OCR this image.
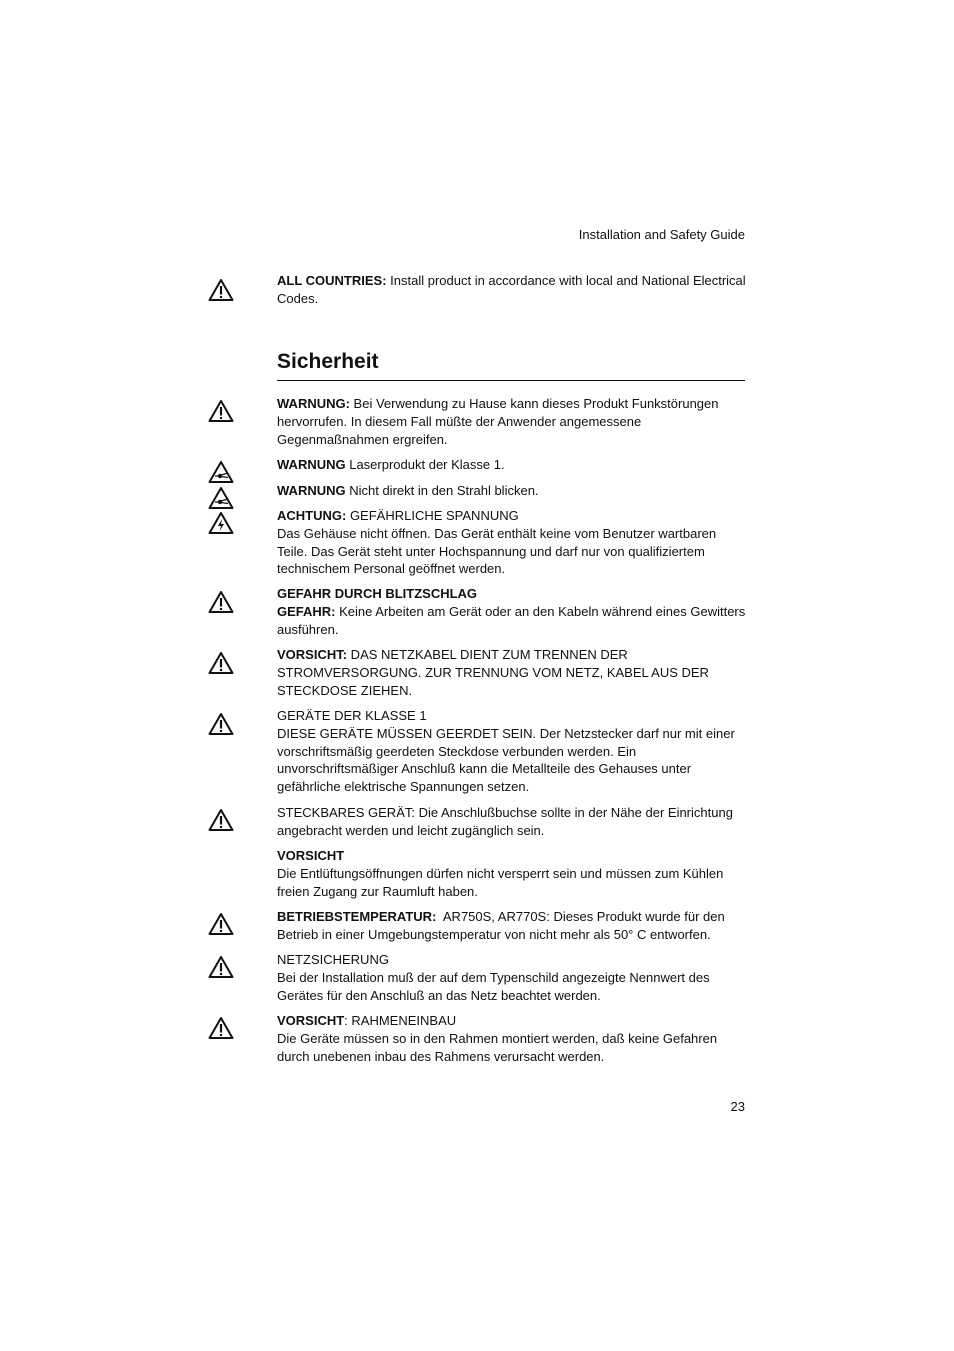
Installation and Safety Guide
ALL COUNTRIES: Install product in accordance with local and National Electrical Codes.
Sicherheit
WARNUNG: Bei Verwendung zu Hause kann dieses Produkt Funkstörungen hervorrufen. In diesem Fall müßte der Anwender angemessene Gegenmaßnahmen ergreifen.
WARNUNG Laserprodukt der Klasse 1.
WARNUNG Nicht direkt in den Strahl blicken.
ACHTUNG: GEFÄHRLICHE SPANNUNG
Das Gehäuse nicht öffnen. Das Gerät enthält keine vom Benutzer wartbaren Teile. Das Gerät steht unter Hochspannung und darf nur von qualifiziertem technischem Personal geöffnet werden.
GEFAHR DURCH BLITZSCHLAG
GEFAHR: Keine Arbeiten am Gerät oder an den Kabeln während eines Gewitters ausführen.
VORSICHT: DAS NETZKABEL DIENT ZUM TRENNEN DER STROMVERSORGUNG. ZUR TRENNUNG VOM NETZ, KABEL AUS DER STECKDOSE ZIEHEN.
GERÄTE DER KLASSE 1
DIESE GERÄTE MÜSSEN GEERDET SEIN. Der Netzstecker darf nur mit einer vorschriftsmäßig geerdeten Steckdose verbunden werden. Ein unvorschriftsmäßiger Anschluß kann die Metallteile des Gehauses unter gefährliche elektrische Spannungen setzen.
STECKBARES GERÄT: Die Anschlußbuchse sollte in der Nähe der Einrichtung angebracht werden und leicht zugänglich sein.
VORSICHT
Die Entlüftungsöffnungen dürfen nicht versperrt sein und müssen zum Kühlen freien Zugang zur Raumluft haben.
BETRIEBSTEMPERATUR:  AR750S, AR770S: Dieses Produkt wurde für den Betrieb in einer Umgebungstemperatur von nicht mehr als 50° C entworfen.
NETZSICHERUNG
Bei der Installation muß der auf dem Typenschild angezeigte Nennwert des Gerätes für den Anschluß an das Netz beachtet werden.
VORSICHT: RAHMENEINBAU
Die Geräte müssen so in den Rahmen montiert werden, daß keine Gefahren durch unebenen inbau des Rahmens verursacht werden.
23
